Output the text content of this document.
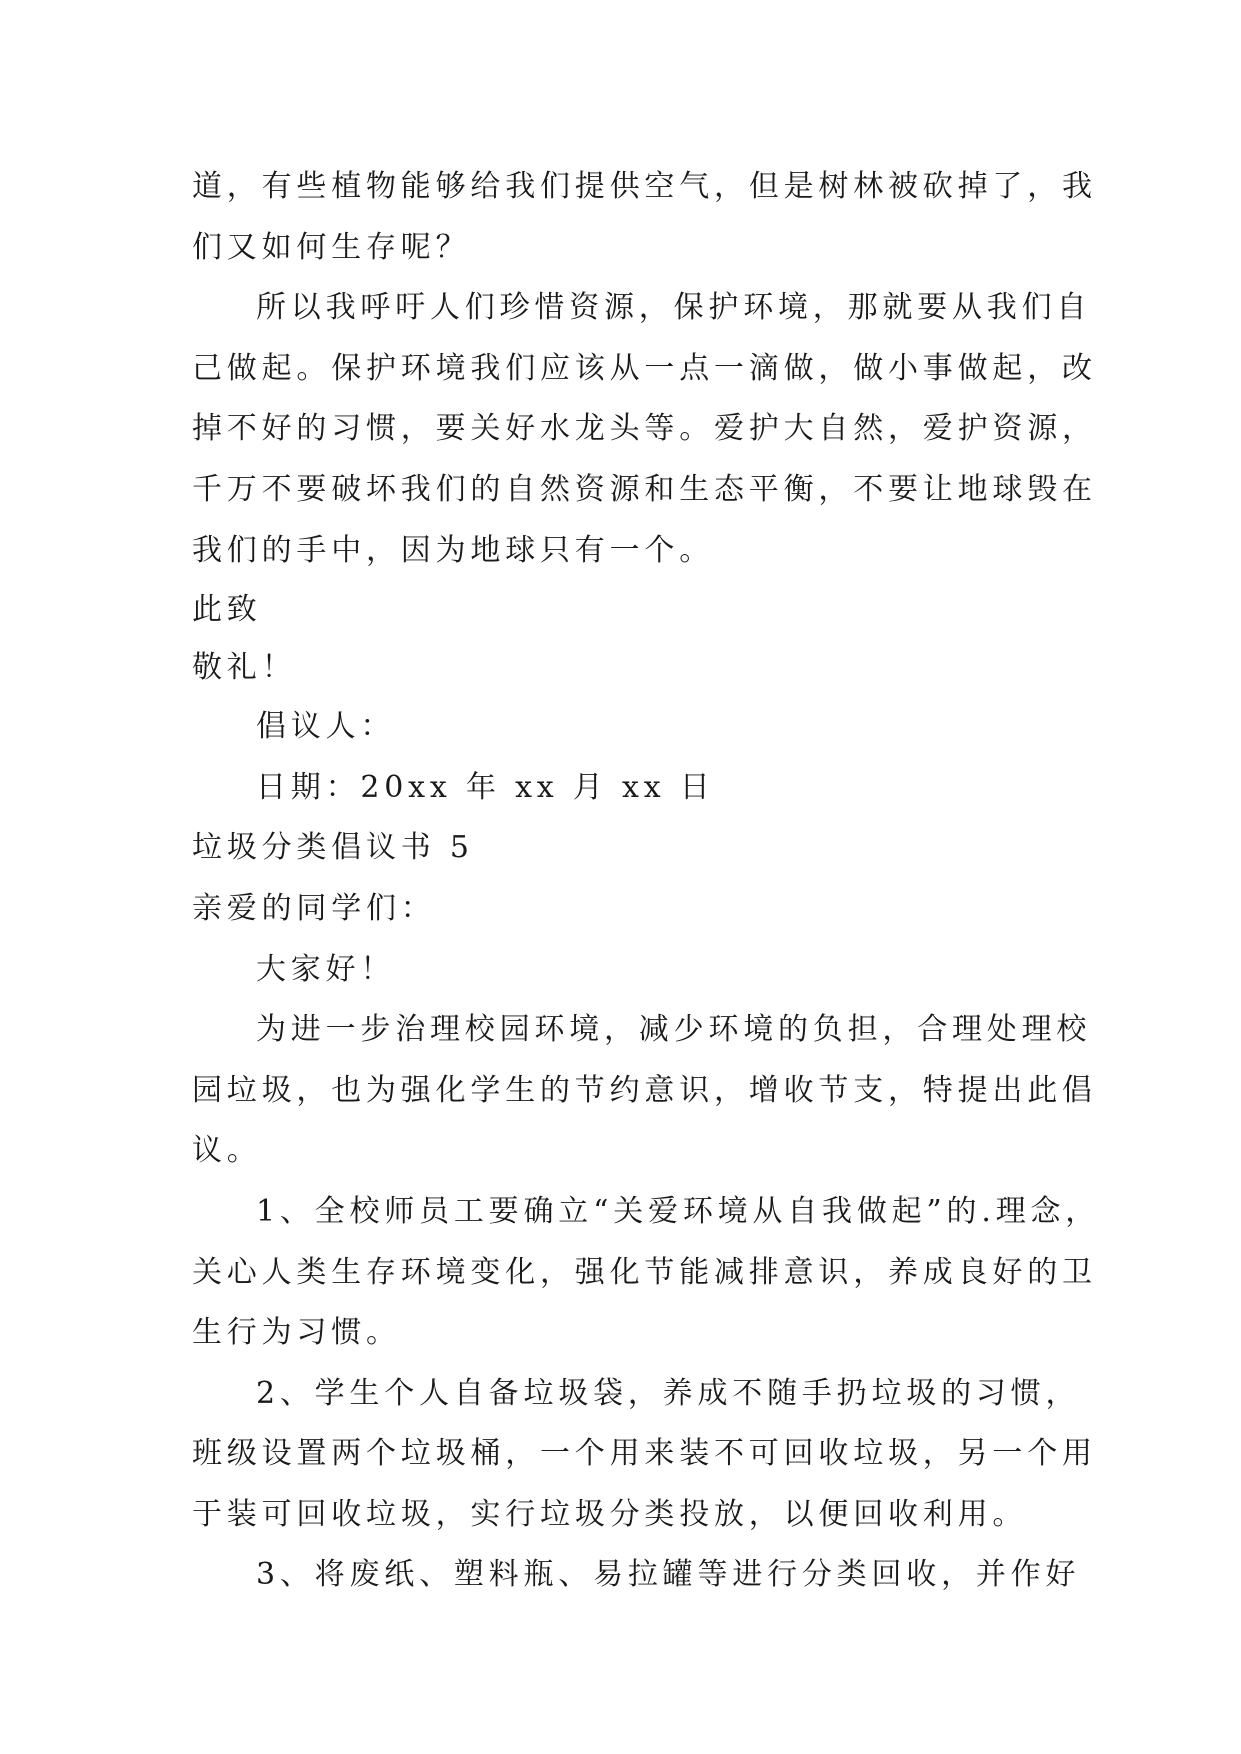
道，有些植物能够给我们提供空气，但是树林被砍掉了，我
们又如何生存呢？
所以我呼吁人们珍惜资源，保护环境，那就要从我们自
己做起。保护环境我们应该从一点一滴做，做小事做起，改
掉不好的习惯，要关好水龙头等。爱护大自然，爱护资源，
千万不要破坏我们的自然资源和生态平衡，不要让地球毁在
我们的手中，因为地球只有一个。
此致
敬礼！
倡议人：
日期：20xx 年 xx 月 xx 日
垃圾分类倡议书 5
亲爱的同学们：
大家好！
为进一步治理校园环境，减少环境的负担，合理处理校
园垃圾，也为强化学生的节约意识，增收节支，特提出此倡
议。
1、全校师员工要确立“关爱环境从自我做起”的.理念，
关心人类生存环境变化，强化节能减排意识，养成良好的卫
生行为习惯。
2、学生个人自备垃圾袋，养成不随手扔垃圾的习惯，
班级设置两个垃圾桶，一个用来装不可回收垃圾，另一个用
于装可回收垃圾，实行垃圾分类投放，以便回收利用。
3、将废纸、塑料瓶、易拉罐等进行分类回收，并作好
